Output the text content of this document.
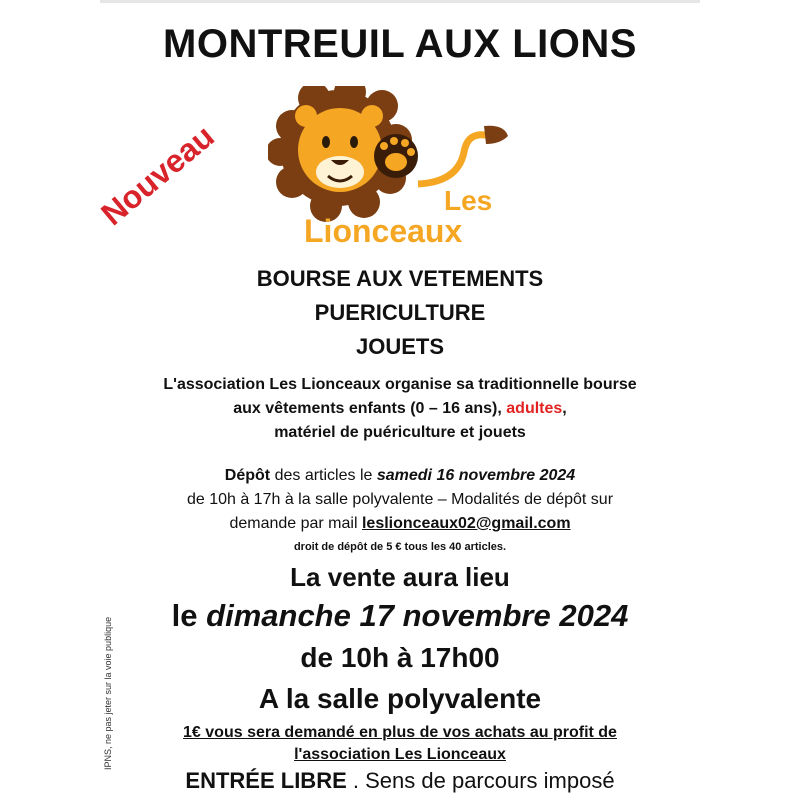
MONTREUIL AUX LIONS
Nouveau	Les
Lionceaux
BOURSE AUX VETEMENTS
PUERICULTURE
JOUETS
L'association Les Lionceaux organise sa traditionnelle bourse
aux vêtements enfants (0 – 16 ans), adultes,
matériel de puériculture et jouets
Dépôt des articles le samedi 16 novembre 2024
de 10h à 17h à la salle polyvalente – Modalités de dépôt sur
demande par mail leslionceaux02@gmail.com
droit de dépôt de 5 € tous les 40 articles.
La vente aura lieu
le dimanche 17 novembre 2024
de 10h à 17h00
A la salle polyvalente
1€ vous sera demandé en plus de vos achats au profit de
l'association Les Lionceaux
ENTRÉE LIBRE . Sens de parcours imposé
IPNS, ne pas jeter sur la voie publique
